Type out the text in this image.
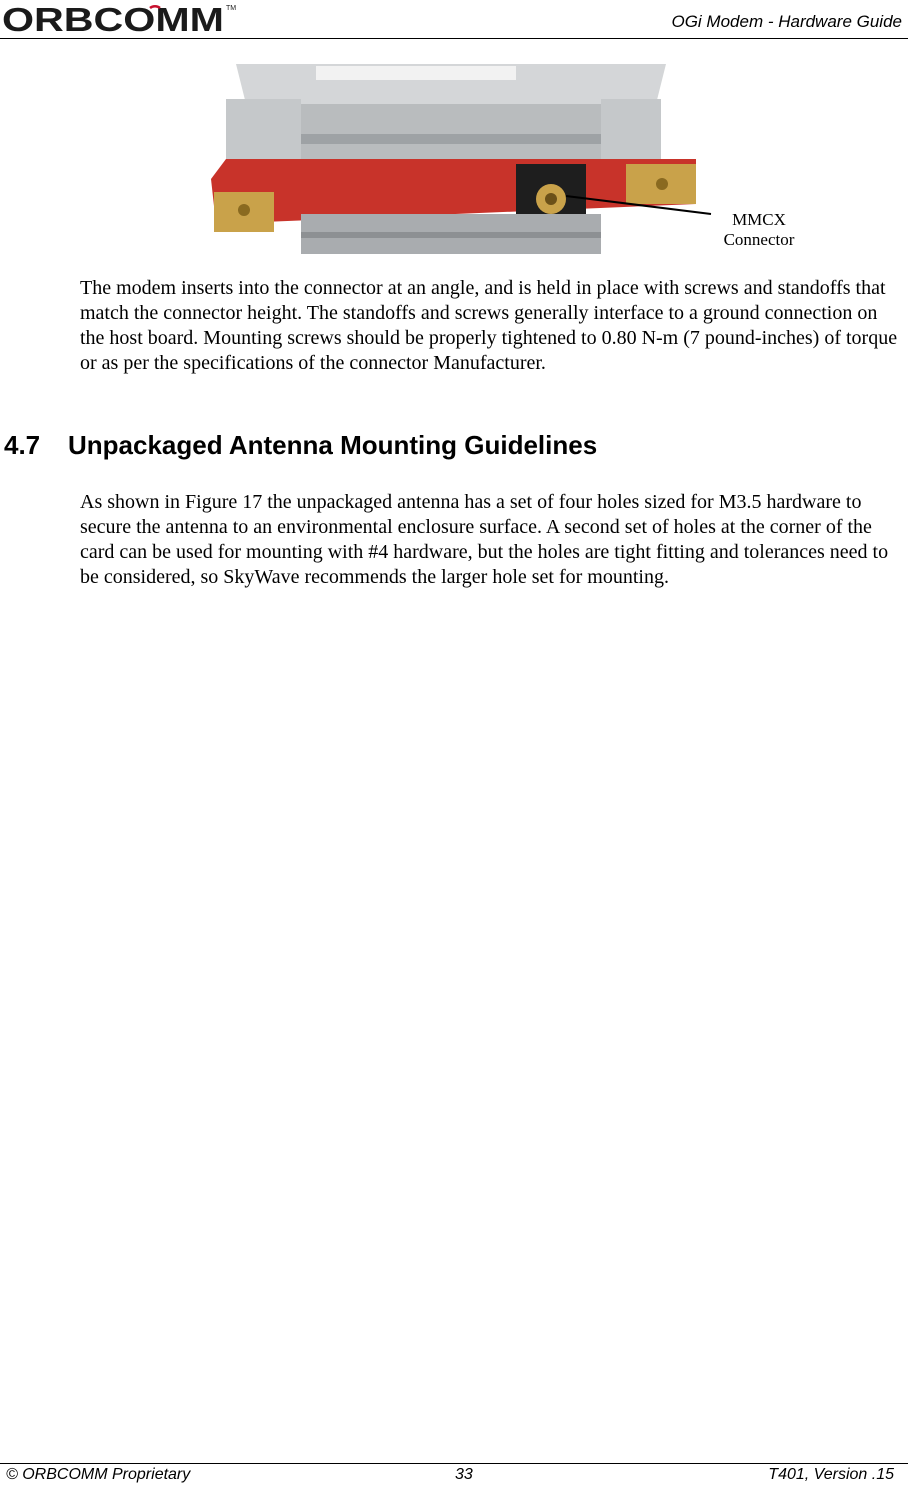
ORBCOMM TM
OGi Modem - Hardware Guide
MMCX
Connector

The modem inserts into the connector at an angle, and is held in place with screws and standoffs that match the connector height. The standoffs and screws generally interface to a ground connection on the host board. Mounting screws should be properly tightened to 0.80 N-m (7 pound-inches) of torque or as per the specifications of the connector Manufacturer.

4.7 Unpackaged Antenna Mounting Guidelines

As shown in Figure 17 the unpackaged antenna has a set of four holes sized for M3.5 hardware to secure the antenna to an environmental enclosure surface. A second set of holes at the corner of the card can be used for mounting with #4 hardware, but the holes are tight fitting and tolerances need to be considered, so SkyWave recommends the larger hole set for mounting.

© ORBCOMM Proprietary	33	T401, Version .15
